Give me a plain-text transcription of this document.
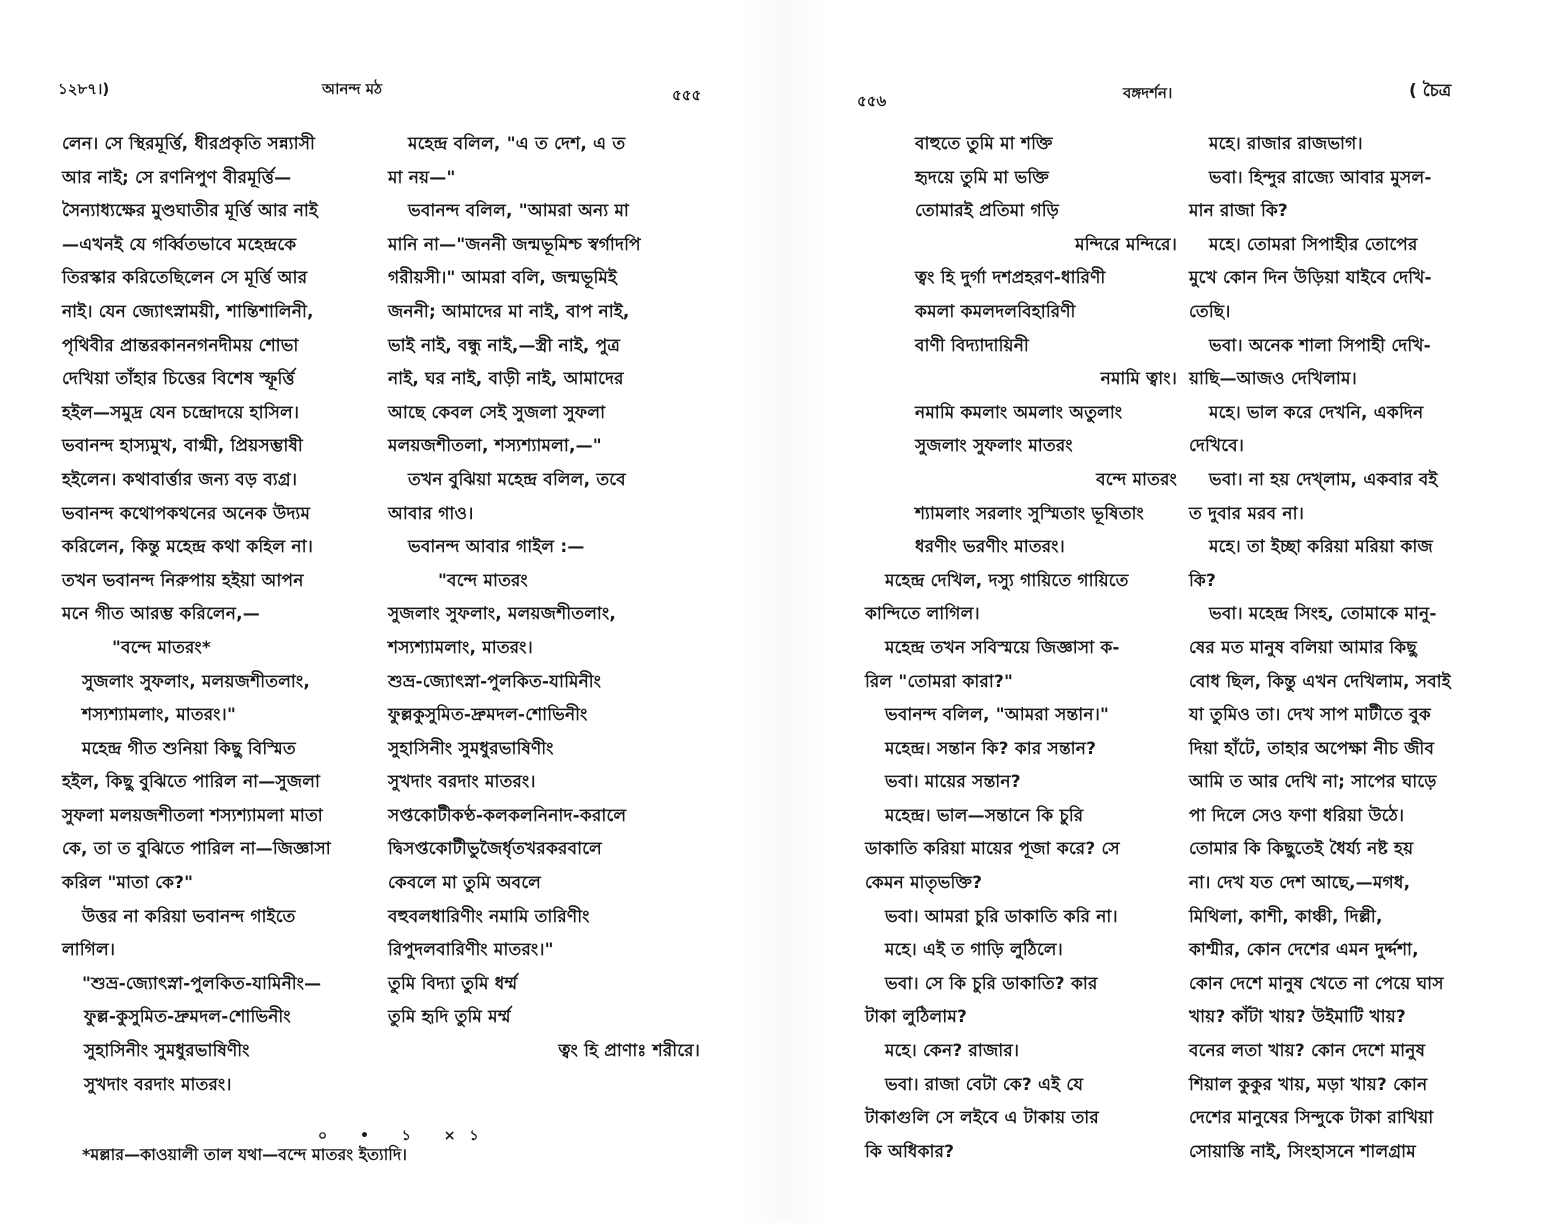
১২৮৭।)	আনন্দ মঠ	৫৫৫
লেন। সে স্থিরমূর্ত্তি, ধীরপ্রকৃতি সন্ন্যাসী
আর নাই; সে রণনিপুণ বীরমূর্ত্তি—
সৈন্যাধ্যক্ষের মুণ্ডঘাতীর মূর্ত্তি আর নাই
—এখনই যে গর্ব্বিতভাবে মহেন্দ্রকে
তিরস্কার করিতেছিলেন সে মূর্ত্তি আর
নাই। যেন জ্যোৎস্নাময়ী, শান্তিশালিনী,
পৃথিবীর প্রান্তরকাননগনদীময় শোভা
দেখিয়া তাঁহার চিত্তের বিশেষ স্ফূর্ত্তি
হইল—সমুদ্র যেন চন্দ্রোদয়ে হাসিল।
ভবানন্দ হাস্যমুখ, বাগ্মী, প্রিয়সম্ভাষী
হইলেন। কথাবার্ত্তার জন্য বড় ব্যগ্র।
ভবানন্দ কথোপকথনের অনেক উদ্যম
করিলেন, কিন্তু মহেন্দ্র কথা কহিল না।
তখন ভবানন্দ নিরুপায় হইয়া আপন
মনে গীত আরম্ভ করিলেন,—
"বন্দে মাতরং*
সুজলাং সুফলাং, মলয়জশীতলাং,
শস্যশ্যামলাং, মাতরং।"
মহেন্দ্র গীত শুনিয়া কিছু বিস্মিত
হইল, কিছু বুঝিতে পারিল না—সুজলা
সুফলা মলয়জশীতলা শস্যশ্যামলা মাতা
কে, তা ত বুঝিতে পারিল না—জিজ্ঞাসা
করিল "মাতা কে?"
উত্তর না করিয়া ভবানন্দ গাইতে
লাগিল।
"শুভ্র-জ্যোৎস্না-পুলকিত-যামিনীং—
ফুল্ল-কুসুমিত-দ্রুমদল-শোভিনীং
সুহাসিনীং সুমধুরভাষিণীং
সুখদাং বরদাং মাতরং।
মহেন্দ্র বলিল, "এ ত দেশ, এ ত
মা নয়—"
ভবানন্দ বলিল, "আমরা অন্য মা
মানি না—"জননী জন্মভূমিশ্চ স্বর্গাদপি
গরীয়সী।" আমরা বলি, জন্মভূমিই
জননী; আমাদের মা নাই, বাপ নাই,
ভাই নাই, বন্ধু নাই,—স্ত্রী নাই, পুত্র
নাই, ঘর নাই, বাড়ী নাই, আমাদের
আছে কেবল সেই সুজলা সুফলা
মলয়জশীতলা, শস্যশ্যামলা,—"
তখন বুঝিয়া মহেন্দ্র বলিল, তবে
আবার গাও।
ভবানন্দ আবার গাইল :—
"বন্দে মাতরং
সুজলাং সুফলাং, মলয়জশীতলাং,
শস্যশ্যামলাং, মাতরং।
শুভ্র-জ্যোৎস্না-পুলকিত-যামিনীং
ফুল্লকুসুমিত-দ্রুমদল-শোভিনীং
সুহাসিনীং সুমধুরভাষিণীং
সুখদাং বরদাং মাতরং।
সপ্তকোটীকণ্ঠ-কলকলনিনাদ-করালে
দ্বিসপ্তকোটীভুজৈর্ধৃতখরকরবালে
কেবলে মা তুমি অবলে
বহুবলধারিণীং নমামি তারিণীং
রিপুদলবারিণীং মাতরং।"
তুমি বিদ্যা তুমি ধর্ম্ম
তুমি হৃদি তুমি মর্ম্ম
ত্বং হি প্রাণাঃ শরীরে।
০ • ১ ×১
*মল্লার—কাওয়ালী তাল যথা—বন্দে মাতরং ইত্যাদি।
৫৫৬	বঙ্গদর্শন।	( চৈত্র
বাহুতে তুমি মা শক্তি
হৃদয়ে তুমি মা ভক্তি
তোমারই প্রতিমা গড়ি
মন্দিরে মন্দিরে।
ত্বং হি দুর্গা দশপ্রহরণ-ধারিণী
কমলা কমলদলবিহারিণী
বাণী বিদ্যাদায়িনী
নমামি ত্বাং।
নমামি কমলাং অমলাং অতুলাং
সুজলাং সুফলাং মাতরং
বন্দে মাতরং
শ্যামলাং সরলাং সুস্মিতাং ভূষিতাং
ধরণীং ভরণীং মাতরং।
মহেন্দ্র দেখিল, দস্যু গায়িতে গায়িতে
কান্দিতে লাগিল।
মহেন্দ্র তখন সবিস্ময়ে জিজ্ঞাসা ক-
রিল "তোমরা কারা?"
ভবানন্দ বলিল, "আমরা সন্তান।"
মহেন্দ্র। সন্তান কি? কার সন্তান?
ভবা। মায়ের সন্তান?
মহেন্দ্র। ভাল—সন্তানে কি চুরি
ডাকাতি করিয়া মায়ের পূজা করে? সে
কেমন মাতৃভক্তি?
ভবা। আমরা চুরি ডাকাতি করি না।
মহে। এই ত গাড়ি লুঠিলে।
ভবা। সে কি চুরি ডাকাতি? কার
টাকা লুঠিলাম?
মহে। কেন? রাজার।
ভবা। রাজা বেটা কে? এই যে
টাকাগুলি সে লইবে এ টাকায় তার
কি অধিকার?
মহে। রাজার রাজভাগ।
ভবা। হিন্দুর রাজ্যে আবার মুসল-
মান রাজা কি?
মহে। তোমরা সিপাহীর তোপের
মুখে কোন দিন উড়িয়া যাইবে দেখি-
তেছি।
ভবা। অনেক শালা সিপাহী দেখি-
য়াছি—আজও দেখিলাম।
মহে। ভাল করে দেখনি, একদিন
দেখিবে।
ভবা। না হয় দেখ্‌লাম, একবার বই
ত দুবার মরব না।
মহে। তা ইচ্ছা করিয়া মরিয়া কাজ
কি?
ভবা। মহেন্দ্র সিংহ, তোমাকে মানু-
ষের মত মানুষ বলিয়া আমার কিছু
বোধ ছিল, কিন্তু এখন দেখিলাম, সবাই
যা তুমিও তা। দেখ সাপ মাটীতে বুক
দিয়া হাঁটে, তাহার অপেক্ষা নীচ জীব
আমি ত আর দেখি না; সাপের ঘাড়ে
পা দিলে সেও ফণা ধরিয়া উঠে।
তোমার কি কিছুতেই ধৈর্য্য নষ্ট হয়
না। দেখ যত দেশ আছে,—মগধ,
মিথিলা, কাশী, কাঞ্চী, দিল্লী,
কাশ্মীর, কোন দেশের এমন দুর্দ্দশা,
কোন দেশে মানুষ খেতে না পেয়ে ঘাস
খায়? কাঁটা খায়? উইমাটি খায়?
বনের লতা খায়? কোন দেশে মানুষ
শিয়াল কুকুর খায়, মড়া খায়? কোন
দেশের মানুষের সিন্দুকে টাকা রাখিয়া
সোয়াস্তি নাই, সিংহাসনে শালগ্রাম
